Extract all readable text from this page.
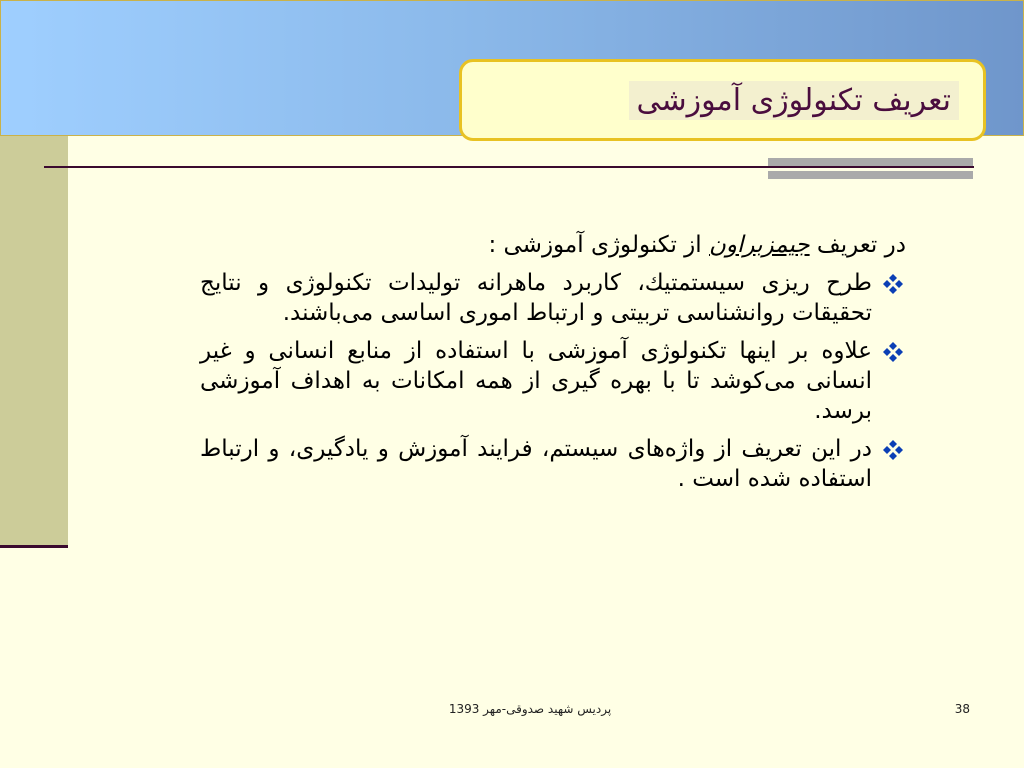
تعریف تکنولوژی آموزشی
در تعریف جیمزبراون از تکنولوژی آموزشی :
طرح ریزی سیستمتیك، کاربرد ماهرانه تولیدات تکنولوژی و نتایج تحقیقات روانشناسی تربیتی و ارتباط اموری اساسی می‌باشند.
علاوه بر اینها تکنولوژی آموزشی با استفاده از منابع انسانی و غیر انسانی می‌کوشد تا با بهره گیری از همه امکانات به اهداف آموزشی برسد.
در این تعریف از واژه‌های سیستم، فرایند آموزش و یادگیری، و ارتباط استفاده شده است .
پردیس شهید صدوقی-مهر 1393	38
